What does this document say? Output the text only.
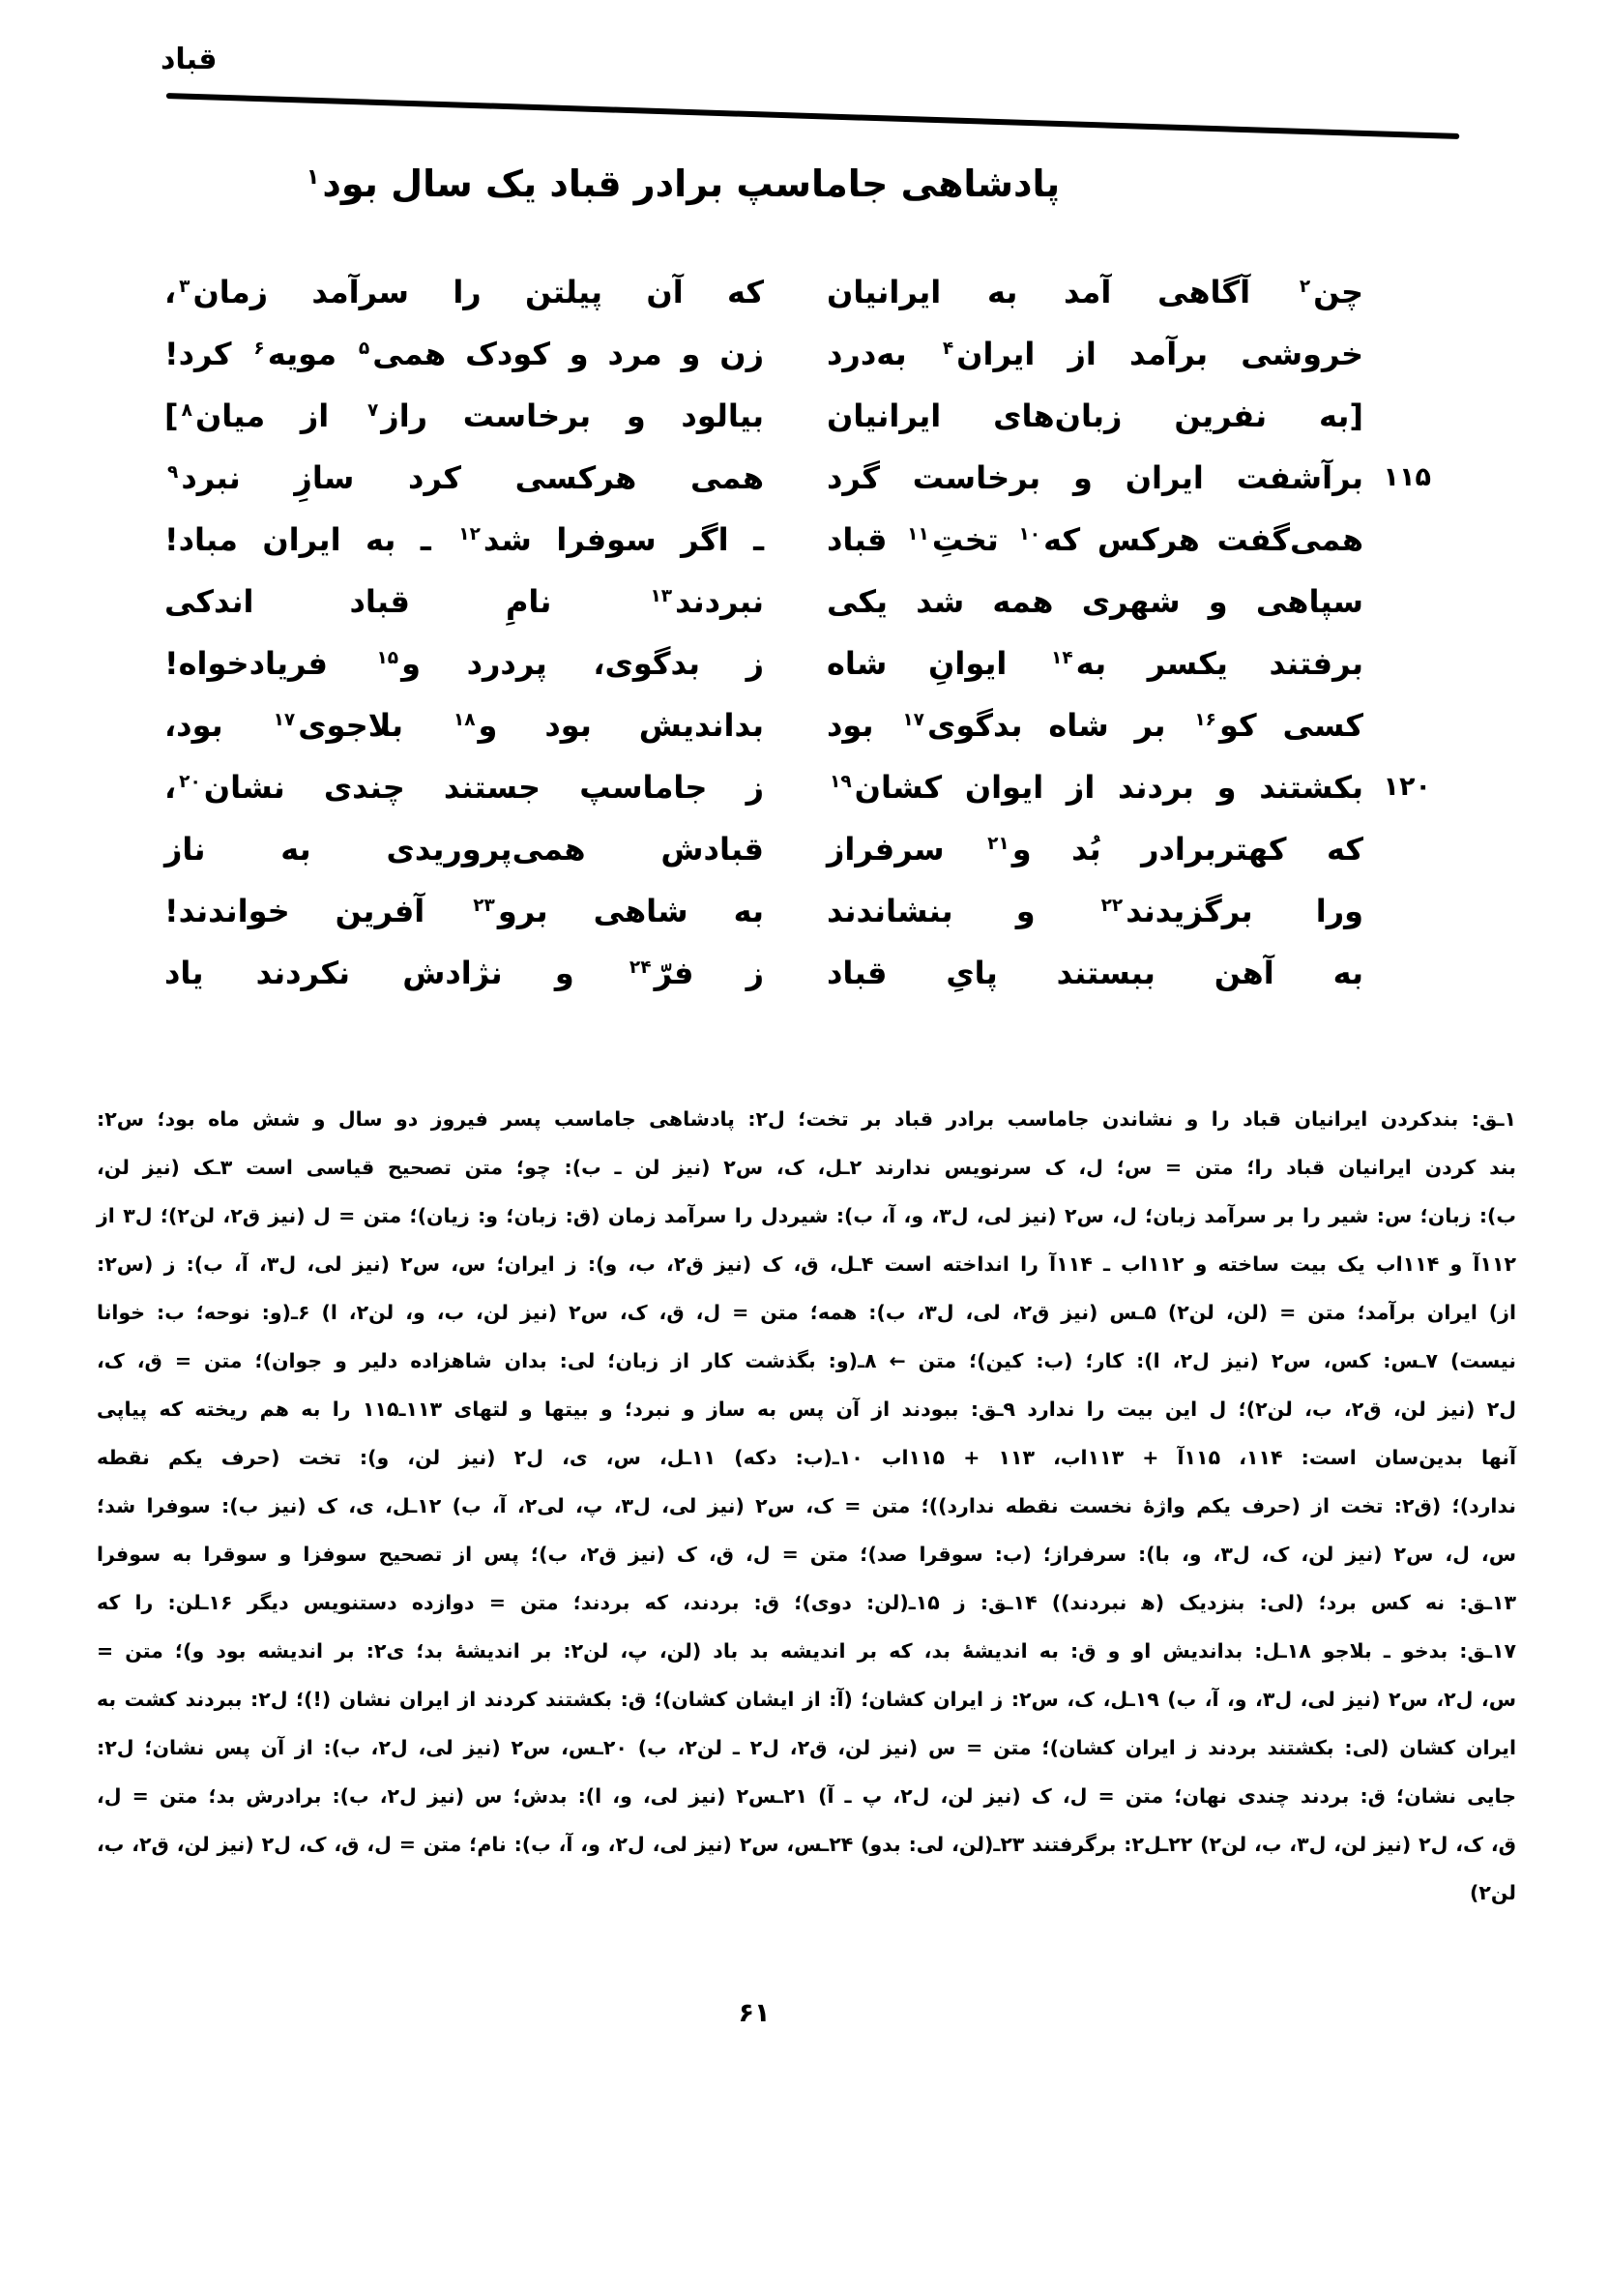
قباد
پادشاهی جاماسپ برادر قباد یک سال بود$^۱$
چن$^۲$ آگاهی آمد به ایرانیان
خروشی برآمد از ایران$^۴$ به‌درد
[به نفرین زبان‌های ایرانیان
برآشفت ایران و برخاست گرد
همی‌گفت هرکس که$^{۱۰}$ تختِ$^{۱۱}$ قباد
سپاهی و شهری همه شد یکی
برفتند یکسر به$^{۱۴}$ ایوانِ شاه
کسی کو$^{۱۶}$ بر شاه بدگوی$^{۱۷}$ بود
بکشتند و بردند از ایوان کشان$^{۱۹}$
که کهتربرادر بُد و$^{۲۱}$ سرفراز
ورا برگزیدند$^{۲۲}$ و بنشاندند
به آهن ببستند پایِ قباد
که آن پیلتن را سرآمد زمان$^۳$،
زن و مرد و کودک همی$^۵$ مویه$^۶$ کرد!
بیالود و برخاست راز$^۷$ از میان$^۸$]
همی هرکسی کرد سازِ نبرد$^۹$
ـ اگر سوفرا شد$^{۱۲}$ ـ به ایران مباد!
نبردند$^{۱۳}$ نامِ قباد اندکی
ز بدگوی، پردرد و$^{۱۵}$ فریادخواه!
بداندیش بود و$^{۱۸}$ بلاجوی$^{۱۷}$ بود،
ز جاماسپ جستند چندی نشان$^{۲۰}$،
قبادش همی‌پروریدی به ناز
به شاهی برو$^{۲۳}$ آفرین خواندند!
ز فرّ$^{۲۴}$ و نژادش نکردند یاد
۱۱۵
۱۲۰
۱ـق: بندکردن ایرانیان قباد را و نشاندن جاماسب برادر قباد بر تخت؛ ل۲: پادشاهی جاماسب پسر فیروز دو سال و شش ماه بود؛ س۲:
بند کردن ایرانیان قباد را؛ متن = س؛ ل، ک سرنویس ندارند ۲ـل، ک، س۲ (نیز لن ـ ب): چو؛ متن تصحیح قیاسی است ۳ـک (نیز لن،
ب): زبان؛ س: شیر را بر سرآمد زبان؛ ل، س۲ (نیز لی، ل۳، و، آ، ب): شیردل را سرآمد زمان (ق: زبان؛ و: زیان)؛ متن = ل (نیز ق۲، لن۲)؛ ل۳ از
۱۱۲آ و ۱۱۴اب یک بیت ساخته و ۱۱۲اب ـ ۱۱۴آ را انداخته است ۴ـل، ق، ک (نیز ق۲، ب، و): ز ایران؛ س، س۲ (نیز لی، ل۳، آ، ب): ز (س۲:
از) ایران برآمد؛ متن = (لن، لن۲) ۵ـس (نیز ق۲، لی، ل۳، ب): همه؛ متن = ل، ق، ک، س۲ (نیز لن، ب، و، لن۲، ا) ۶ـ(و: نوحه؛ ب: خوانا
نیست) ۷ـس: کس، س۲ (نیز ل۲، ا): کار؛ (ب: کین)؛ متن ← ۸ـ(و: بگذشت کار از زبان؛ لی: بدان شاهزاده دلیر و جوان)؛ متن = ق، ک،
ل۲ (نیز لن، ق۲، ب، لن۲)؛ ل این بیت را ندارد ۹ـق: ببودند از آن پس به ساز و نبرد؛ و بیتها و لتهای ۱۱۳ـ۱۱۵ را به هم ریخته که پیاپی
آنها بدین‌سان است: ۱۱۴، ۱۱۵آ + ۱۱۳اب، ۱۱۳ + ۱۱۵اب ۱۰ـ(ب: دکه) ۱۱ـل، س، ی، ل۲ (نیز لن، و): تخت (حرف یکم نقطه
ندارد)؛ (ق۲: تخت از (حرف یکم واژهٔ نخست نقطه ندارد))؛ متن = ک، س۲ (نیز لی، ل۳، پ، لی۲، آ، ب) ۱۲ـل، ی، ک (نیز ب): سوفرا شد؛
س، ل، س۲ (نیز لن، ک، ل۳، و، با): سرفراز؛ (ب: سوقرا صد)؛ متن = ل، ق، ک (نیز ق۲، ب)؛ پس از تصحیح سوفزا و سوقرا به سوفرا
۱۳ـق: نه کس برد؛ (لی: بنزدیک (ه‍ نبردند)) ۱۴ـق: ز ۱۵ـ(لن: دوی)؛ ق: بردند، که بردند؛ متن = دوازده دستنویس دیگر ۱۶ـلن: را که
۱۷ـق: بدخو ـ بلاجو ۱۸ـل: بداندیش او و ق: به اندیشهٔ بد، که بر اندیشه بد باد (لن، پ، لن۲: بر اندیشهٔ بد؛ ی۲: بر اندیشه بود و)؛ متن =
س، ل۲، س۲ (نیز لی، ل۳، و، آ، ب) ۱۹ـل، ک، س۲: ز ایران کشان؛ (آ: از ایشان کشان)؛ ق: بکشتند کردند از ایران نشان (!)؛ ل۲: ببردند کشت به
ایران کشان (لی: بکشتند بردند ز ایران کشان)؛ متن = س (نیز لن، ق۲، ل۲ ـ لن۲، ب) ۲۰ـس، س۲ (نیز لی، ل۲، ب): از آن پس نشان؛ ل۲:
جایی نشان؛ ق: بردند چندی نهان؛ متن = ل، ک (نیز لن، ل۲، پ ـ آ) ۲۱ـس۲ (نیز لی، و، ا): بدش؛ س (نیز ل۲، ب): برادرش بد؛ متن = ل،
ق، ک، ل۲ (نیز لن، ل۳، ب، لن۲) ۲۲ـل۲: برگرفتند ۲۳ـ(لن، لی: بدو) ۲۴ـس، س۲ (نیز لی، ل۲، و، آ، ب): نام؛ متن = ل، ق، ک، ل۲ (نیز لن، ق۲، ب،
لن۲)
۶۱
